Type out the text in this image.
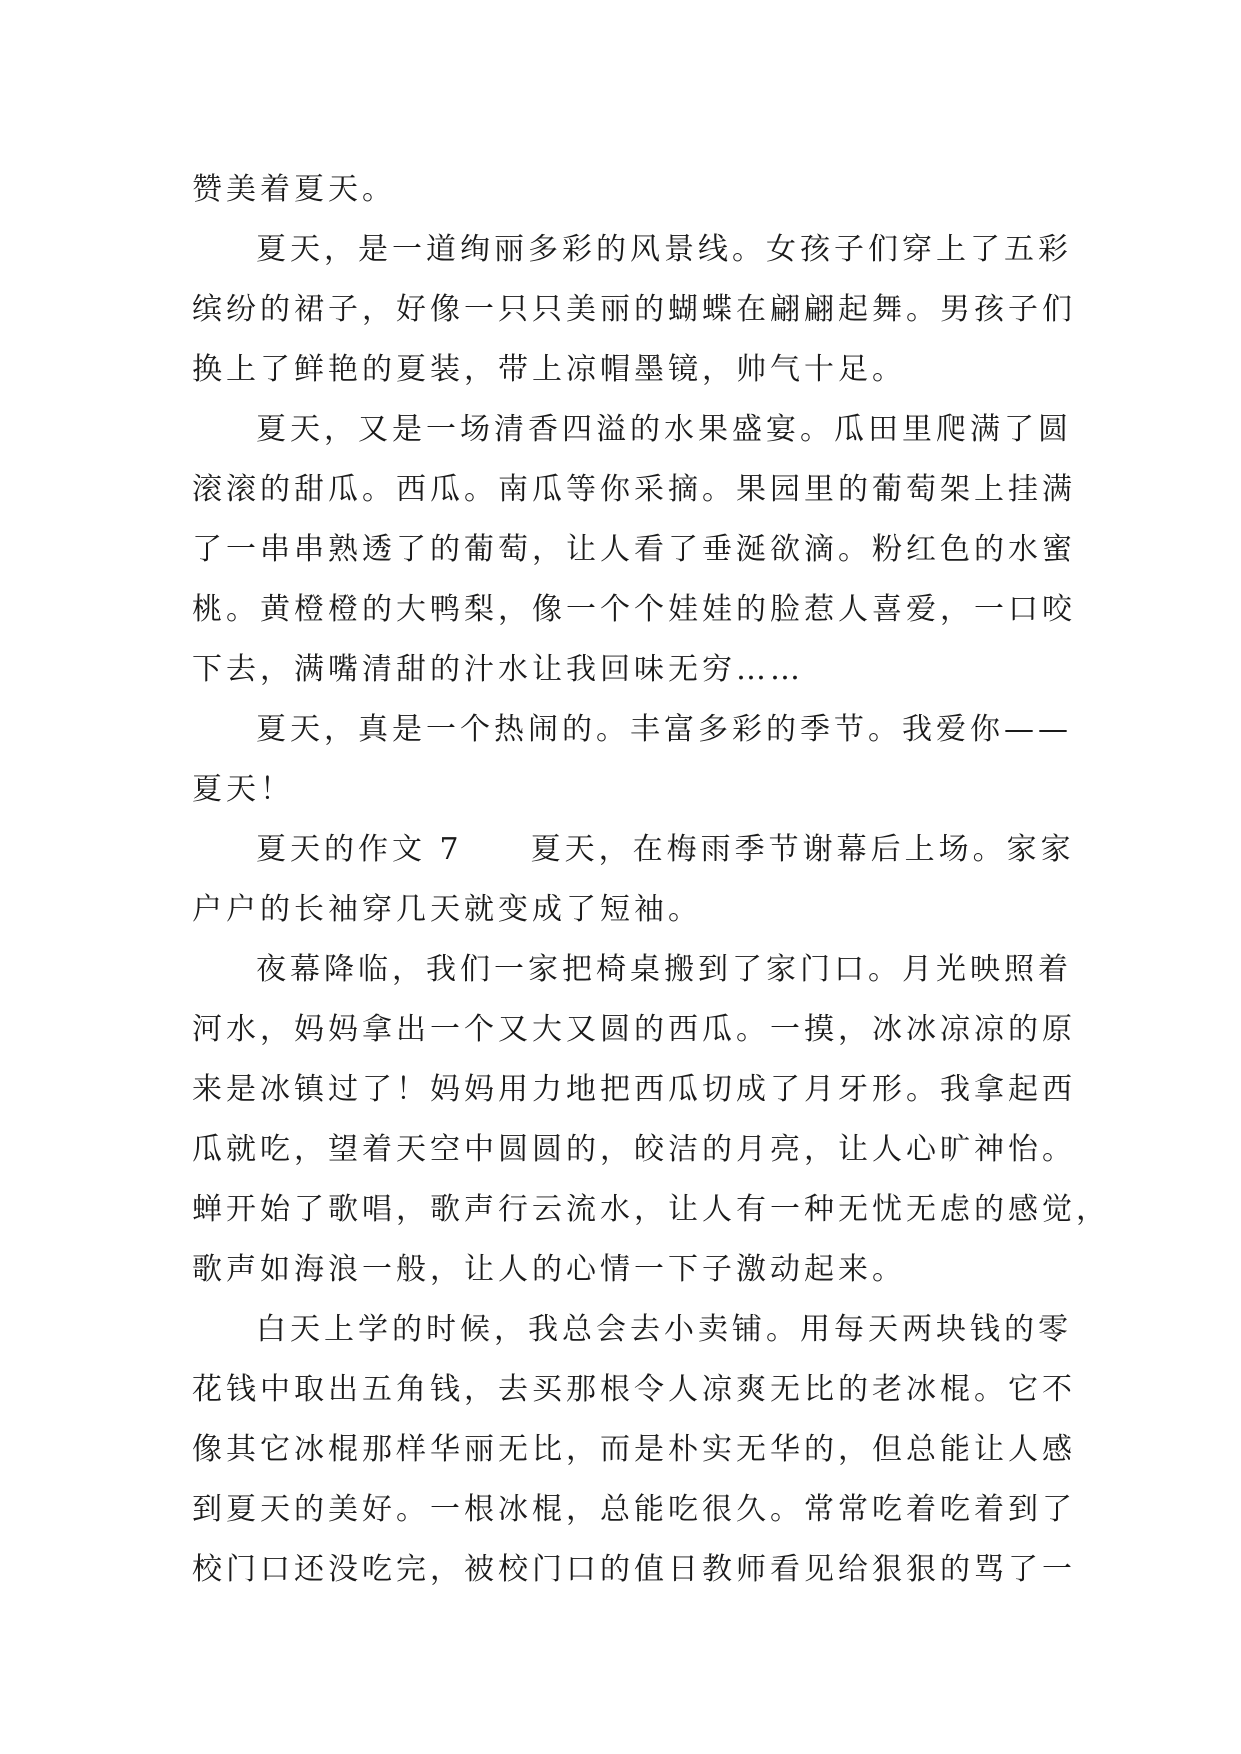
赞美着夏天。
夏天，是一道绚丽多彩的风景线。女孩子们穿上了五彩
缤纷的裙子，好像一只只美丽的蝴蝶在翩翩起舞。男孩子们
换上了鲜艳的夏装，带上凉帽墨镜，帅气十足。
夏天，又是一场清香四溢的水果盛宴。瓜田里爬满了圆
滚滚的甜瓜。西瓜。南瓜等你采摘。果园里的葡萄架上挂满
了一串串熟透了的葡萄，让人看了垂涎欲滴。粉红色的水蜜
桃。黄橙橙的大鸭梨，像一个个娃娃的脸惹人喜爱，一口咬
下去，满嘴清甜的汁水让我回味无穷……
夏天，真是一个热闹的。丰富多彩的季节。我爱你——
夏天！
夏天的作文 7　　夏天，在梅雨季节谢幕后上场。家家
户户的长袖穿几天就变成了短袖。
夜幕降临，我们一家把椅桌搬到了家门口。月光映照着
河水，妈妈拿出一个又大又圆的西瓜。一摸，冰冰凉凉的原
来是冰镇过了！妈妈用力地把西瓜切成了月牙形。我拿起西
瓜就吃，望着天空中圆圆的，皎洁的月亮，让人心旷神怡。
蝉开始了歌唱，歌声行云流水，让人有一种无忧无虑的感觉，
歌声如海浪一般，让人的心情一下子激动起来。
白天上学的时候，我总会去小卖铺。用每天两块钱的零
花钱中取出五角钱，去买那根令人凉爽无比的老冰棍。它不
像其它冰棍那样华丽无比，而是朴实无华的，但总能让人感
到夏天的美好。一根冰棍，总能吃很久。常常吃着吃着到了
校门口还没吃完，被校门口的值日教师看见给狠狠的骂了一
